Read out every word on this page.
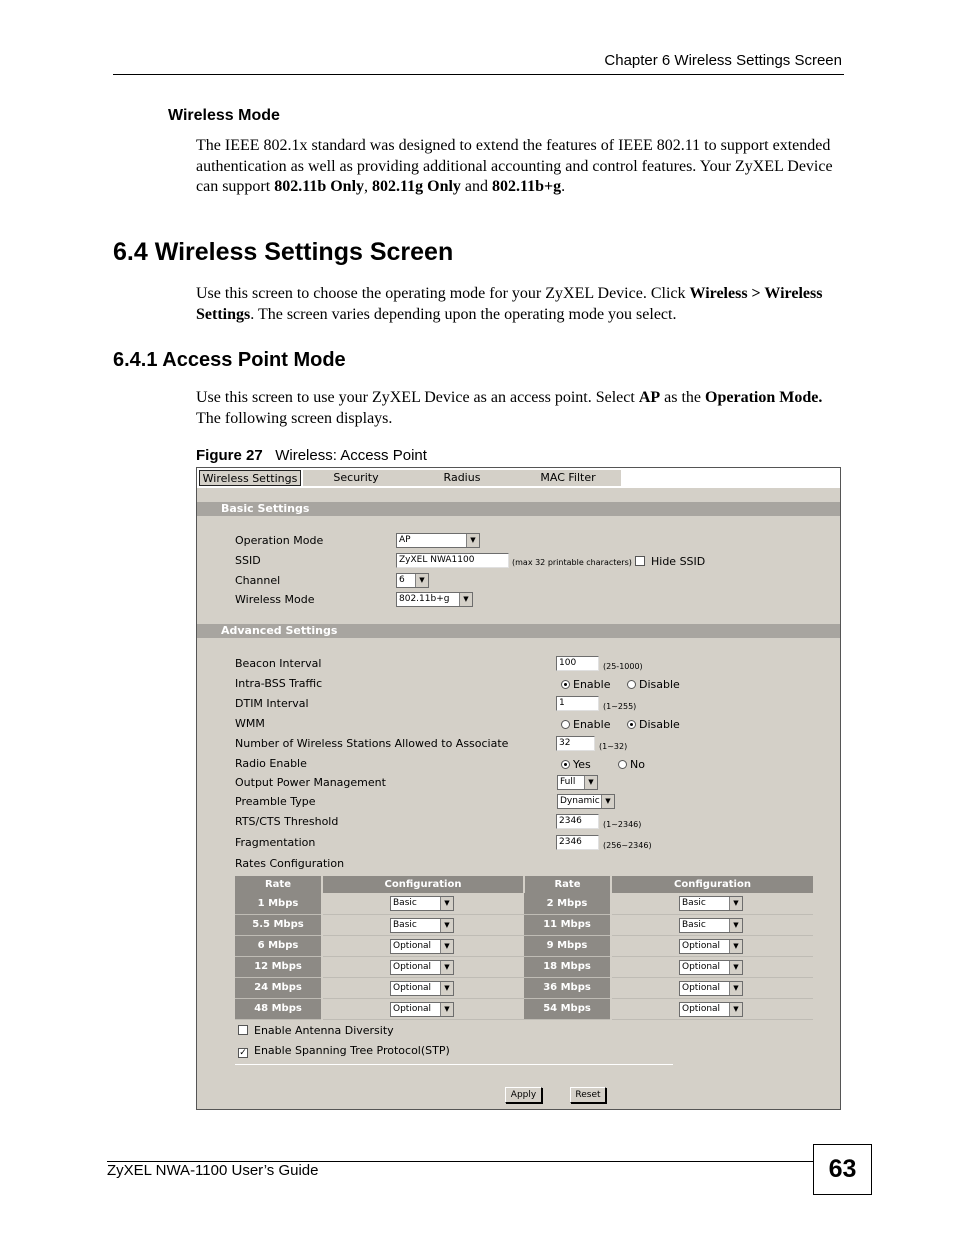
Chapter 6 Wireless Settings Screen
Wireless Mode
The IEEE 802.1x standard was designed to extend the features of IEEE 802.11 to support extended authentication as well as providing additional accounting and control features. Your ZyXEL Device can support 802.11b Only, 802.11g Only and 802.11b+g.
6.4 Wireless Settings Screen
Use this screen to choose the operating mode for your ZyXEL Device. Click Wireless > Wireless Settings. The screen varies depending upon the operating mode you select.
6.4.1 Access Point Mode
Use this screen to use your ZyXEL Device as an access point. Select AP as the Operation Mode. The following screen displays.
Figure 27 Wireless: Access Point
Wireless Settings	Security	Radius	MAC Filter
Basic Settings
Operation Mode	AP	▼
SSID	ZyXEL NWA1100	(max 32 printable characters)	Hide SSID
Channel	6	▼
Wireless Mode	802.11b+g	▼
Advanced Settings
Beacon Interval	100	(25-1000)
Intra-BSS Traffic	Enable	Disable
DTIM Interval	1	(1~255)
WMM	Enable	Disable
Number of Wireless Stations Allowed to Associate	32	(1~32)
Radio Enable	Yes	No
Output Power Management	Full	▼
Preamble Type	Dynamic ▼
RTS/CTS Threshold	2346	(1~2346)
Fragmentation	2346	(256~2346)
Rates Configuration
Rate	Configuration	Rate	Configuration
1 Mbps	Basic ▼	2 Mbps	Basic ▼

5.5 Mbps	Basic ▼	11 Mbps	Basic ▼

6 Mbps	Optional ▼	9 Mbps	Optional ▼

12 Mbps	Optional ▼	18 Mbps	Optional ▼

24 Mbps	Optional ▼	36 Mbps	Optional ▼

48 Mbps	Optional ▼	54 Mbps	Optional ▼
Enable Antenna Diversity
✓ Enable Spanning Tree Protocol(STP)
Apply	Reset
ZyXEL NWA-1100 User’s Guide	63
